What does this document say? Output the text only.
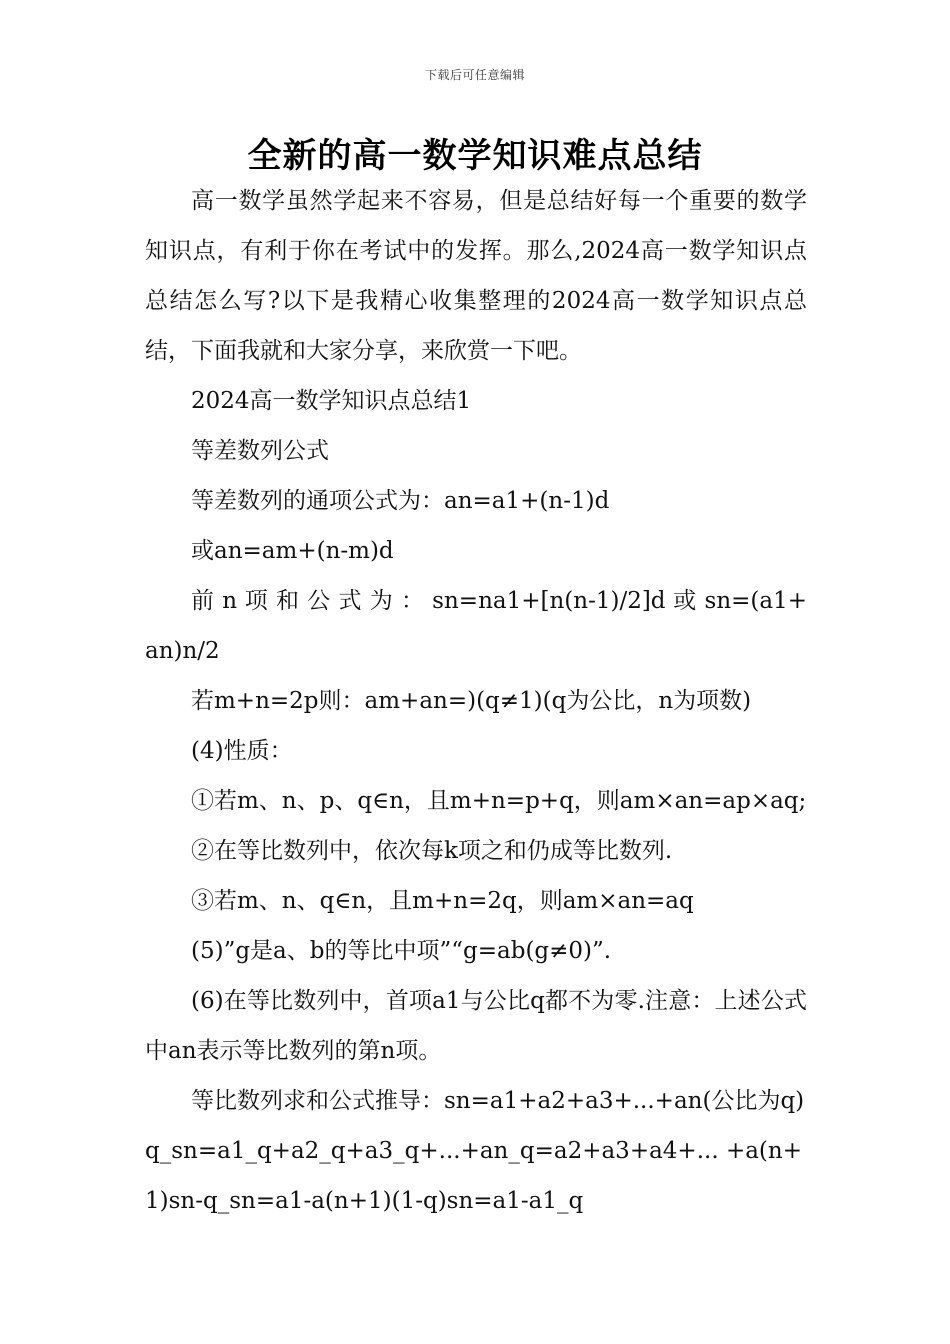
下载后可任意编辑
全新的高一数学知识难点总结

高一数学虽然学起来不容易，但是总结好每一个重要的数学知识点，有利于你在考试中的发挥。那么,2024高一数学知识点总结怎么写?以下是我精心收集整理的2024高一数学知识点总结，下面我就和大家分享，来欣赏一下吧。

2024高一数学知识点总结1

等差数列公式

等差数列的通项公式为：an=a1+(n-1)d

或an=am+(n-m)d

前 n 项 和 公 式 为 ： sn=na1+[n(n-1)/2]d 或 sn=(a1+an)n/2

若m+n=2p则：am+an=)(q≠1)(q为公比，n为项数)

(4)性质：

①若m、n、p、q∈n，且m+n=p+q，则am×an=ap×aq;

②在等比数列中，依次每k项之和仍成等比数列.

③若m、n、q∈n，且m+n=2q，则am×an=aq

(5)”g是a、b的等比中项”“g=ab(g≠0)”.

(6)在等比数列中，首项a1与公比q都不为零.注意：上述公式中an表示等比数列的第n项。

等比数列求和公式推导：sn=a1+a2+a3+...+an(公比为q)q_sn=a1_q+a2_q+a3_q+...+an_q=a2+a3+a4+... +a(n+1)sn-q_sn=a1-a(n+1)(1-q)sn=a1-a1_q
